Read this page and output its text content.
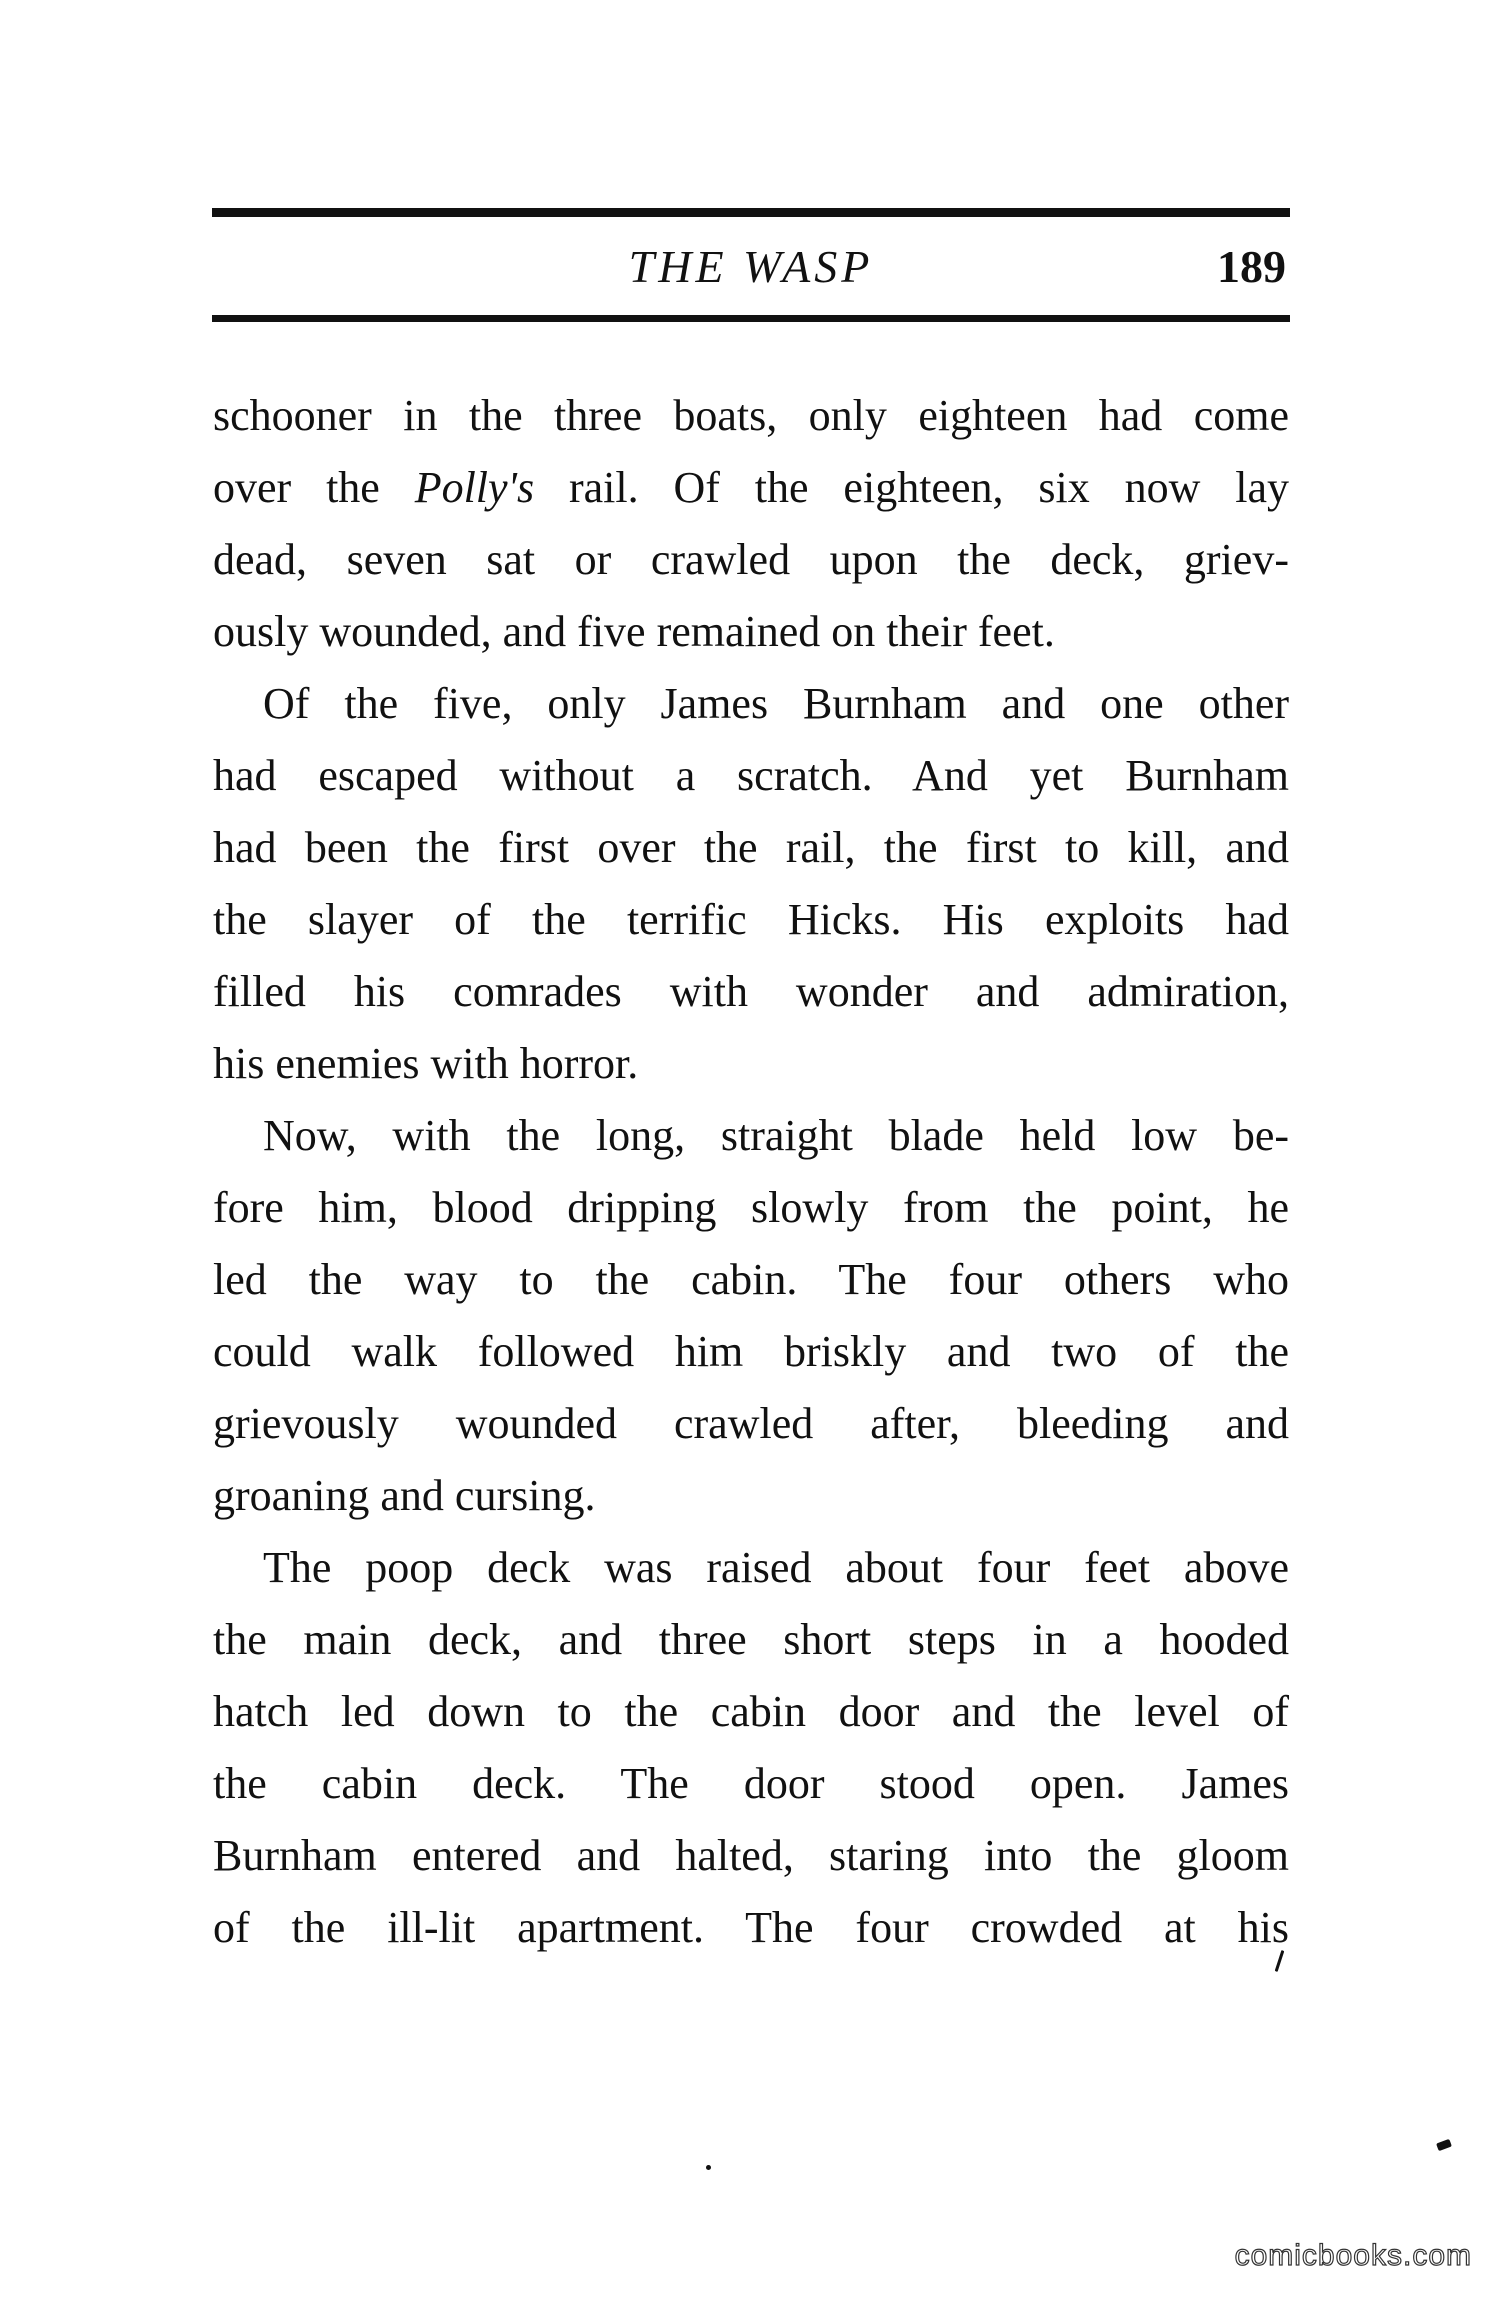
THE WASP	189
schooner in the three boats, only eighteen had come
over the Polly's rail. Of the eighteen, six now lay
dead, seven sat or crawled upon the deck, griev-
ously wounded, and five remained on their feet.
Of the five, only James Burnham and one other
had escaped without a scratch. And yet Burnham
had been the first over the rail, the first to kill, and
the slayer of the terrific Hicks. His exploits had
filled his comrades with wonder and admiration,
his enemies with horror.
Now, with the long, straight blade held low be-
fore him, blood dripping slowly from the point, he
led the way to the cabin. The four others who
could walk followed him briskly and two of the
grievously wounded crawled after, bleeding and
groaning and cursing.
The poop deck was raised about four feet above
the main deck, and three short steps in a hooded
hatch led down to the cabin door and the level of
the cabin deck. The door stood open. James
Burnham entered and halted, staring into the gloom
of the ill-lit apartment. The four crowded at his
comicbooks.com
